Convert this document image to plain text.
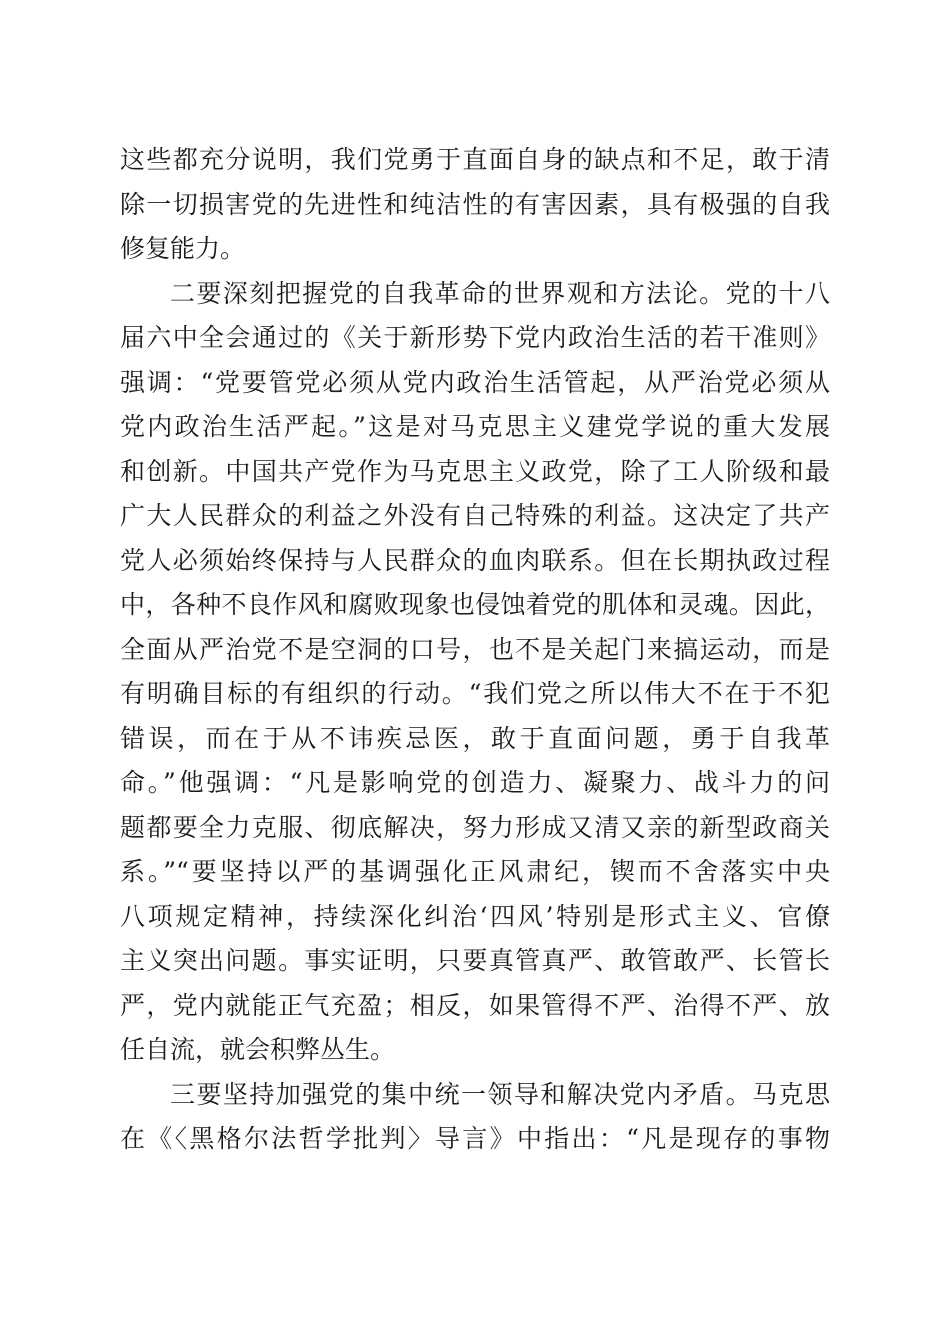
这些都充分说明，我们党勇于直面自身的缺点和不足，敢于清
除一切损害党的先进性和纯洁性的有害因素，具有极强的自我
修复能力。
二要深刻把握党的自我革命的世界观和方法论。党的十八
届六中全会通过的《关于新形势下党内政治生活的若干准则》
强调：“党要管党必须从党内政治生活管起，从严治党必须从
党内政治生活严起。”这是对马克思主义建党学说的重大发展
和创新。中国共产党作为马克思主义政党，除了工人阶级和最
广大人民群众的利益之外没有自己特殊的利益。这决定了共产
党人必须始终保持与人民群众的血肉联系。但在长期执政过程
中，各种不良作风和腐败现象也侵蚀着党的肌体和灵魂。因此，
全面从严治党不是空洞的口号，也不是关起门来搞运动，而是
有明确目标的有组织的行动。“我们党之所以伟大不在于不犯
错误，而在于从不讳疾忌医，敢于直面问题，勇于自我革
命。”他强调：“凡是影响党的创造力、凝聚力、战斗力的问
题都要全力克服、彻底解决，努力形成又清又亲的新型政商关
系。”“要坚持以严的基调强化正风肃纪，锲而不舍落实中央
八项规定精神，持续深化纠治‘四风’特别是形式主义、官僚
主义突出问题。事实证明，只要真管真严、敢管敢严、长管长
严，党内就能正气充盈；相反，如果管得不严、治得不严、放
任自流，就会积弊丛生。
三要坚持加强党的集中统一领导和解决党内矛盾。马克思
在《〈黑格尔法哲学批判〉导言》中指出：“凡是现存的事物
